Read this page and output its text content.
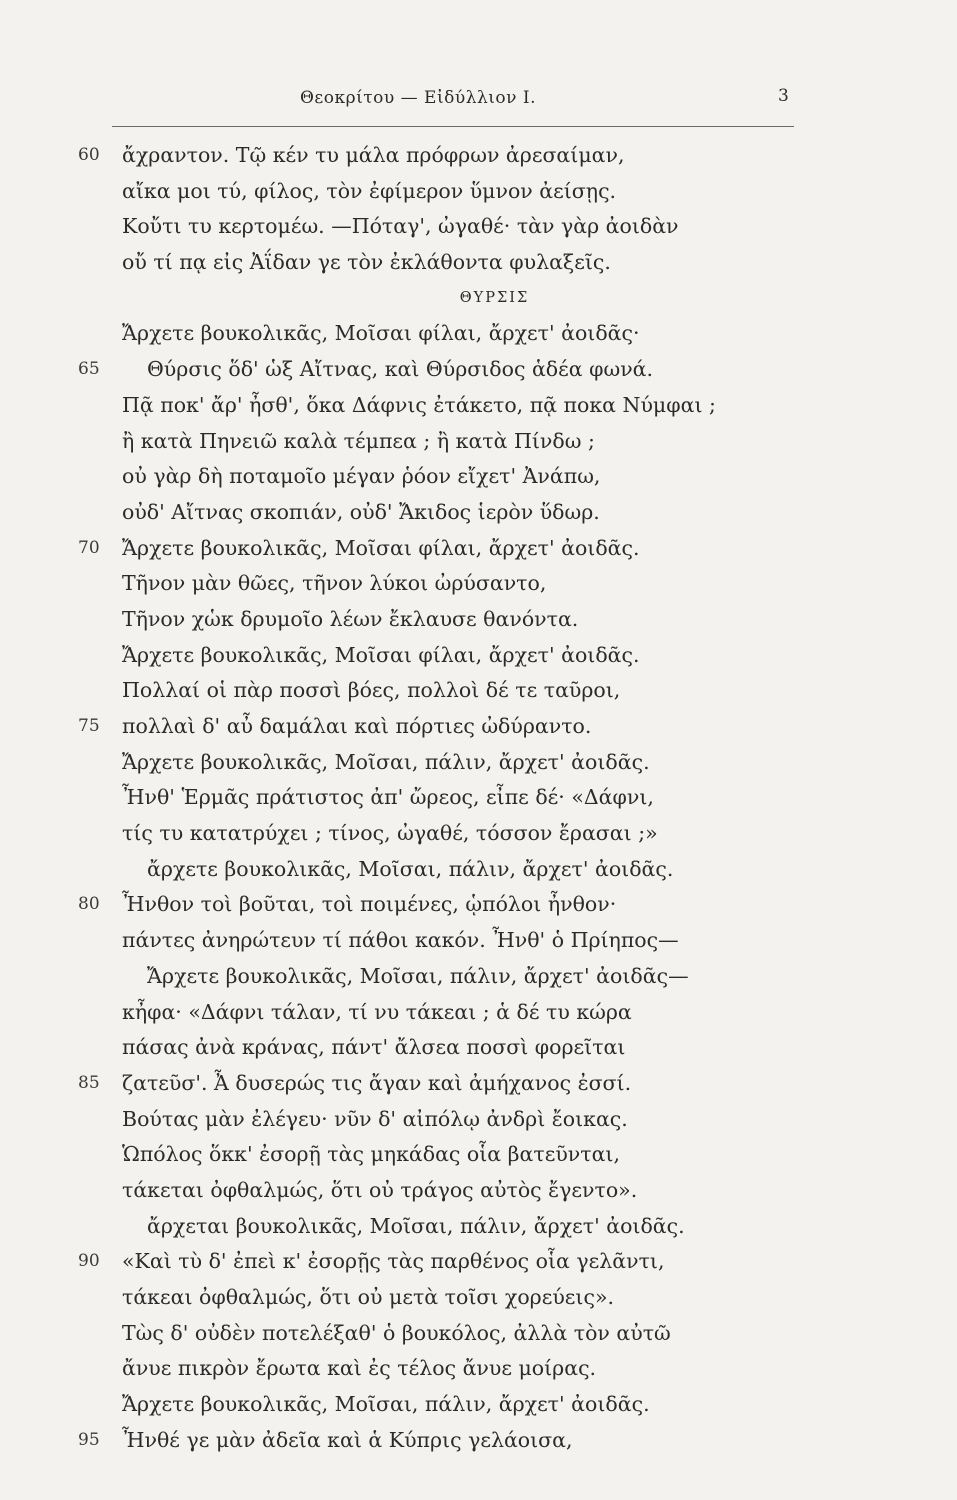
Θεοκρίτου — Εἰδύλλιον Ι.	3
60	ἄχραντον. Τῷ κέν τυ μάλα πρόφρων ἀρεσαίμαν,
αἴκα μοι τύ, φίλος, τὸν ἐφίμερον ὕμνον ἀείσῃς.
Κοὔτι τυ κερτομέω. —Πόταγ', ὠγαθέ· τὰν γὰρ ἀοιδὰν
οὔ τί πᾳ εἰς Ἀΐδαν γε τὸν ἐκλάθοντα φυλαξεῖς.
ΘΥΡΣΙΣ
Ἄρχετε βουκολικᾶς, Μοῖσαι φίλαι, ἄρχετ' ἀοιδᾶς·
65	Θύρσις ὅδ' ὡξ Αἴτνας, καὶ Θύρσιδος ἁδέα φωνά.
Πᾷ ποκ' ἄρ' ἦσθ', ὅκα Δάφνις ἐτάκετο, πᾷ ποκα Νύμφαι ;
ἢ κατὰ Πηνειῶ καλὰ τέμπεα ; ἢ κατὰ Πίνδω ;
οὐ γὰρ δὴ ποταμοῖο μέγαν ῥόον εἴχετ' Ἀνάπω,
οὐδ' Αἴτνας σκοπιάν, οὐδ' Ἄκιδος ἱερὸν ὕδωρ.
70	Ἄρχετε βουκολικᾶς, Μοῖσαι φίλαι, ἄρχετ' ἀοιδᾶς.
Τῆνον μὰν θῶες, τῆνον λύκοι ὠρύσαντο,
Τῆνον χὡκ δρυμοῖο λέων ἔκλαυσε θανόντα.
Ἄρχετε βουκολικᾶς, Μοῖσαι φίλαι, ἄρχετ' ἀοιδᾶς.
Πολλαί οἱ πὰρ ποσσὶ βόες, πολλοὶ δέ τε ταῦροι,
75	πολλαὶ δ' αὖ δαμάλαι καὶ πόρτιες ὠδύραντο.
Ἄρχετε βουκολικᾶς, Μοῖσαι, πάλιν, ἄρχετ' ἀοιδᾶς.
Ἦνθ' Ἑρμᾶς πράτιστος ἀπ' ὤρεος, εἶπε δέ· «Δάφνι,
τίς τυ κατατρύχει ; τίνος, ὠγαθέ, τόσσον ἔρασαι ;»
ἄρχετε βουκολικᾶς, Μοῖσαι, πάλιν, ἄρχετ' ἀοιδᾶς.
80	Ἦνθον τοὶ βοῦται, τοὶ ποιμένες, ᾡπόλοι ἦνθον·
πάντες ἀνηρώτευν τί πάθοι κακόν. Ἦνθ' ὁ Πρίηπος—
Ἄρχετε βουκολικᾶς, Μοῖσαι, πάλιν, ἄρχετ' ἀοιδᾶς—
κἦφα· «Δάφνι τάλαν, τί νυ τάκεαι ; ἁ δέ τυ κώρα
πάσας ἀνὰ κράνας, πάντ' ἄλσεα ποσσὶ φορεῖται
85	ζατεῦσ'. Ἆ δυσερώς τις ἄγαν καὶ ἀμήχανος ἐσσί.
Βούτας μὰν ἐλέγευ· νῦν δ' αἰπόλῳ ἀνδρὶ ἔοικας.
Ὡπόλος ὅκκ' ἐσορῇ τὰς μηκάδας οἷα βατεῦνται,
τάκεται ὀφθαλμώς, ὅτι οὐ τράγος αὐτὸς ἔγεντο».
ἄρχεται βουκολικᾶς, Μοῖσαι, πάλιν, ἄρχετ' ἀοιδᾶς.
90	«Καὶ τὺ δ' ἐπεὶ κ' ἐσορῇς τὰς παρθένος οἷα γελᾶντι,
τάκεαι ὀφθαλμώς, ὅτι οὐ μετὰ τοῖσι χορεύεις».
Τὼς δ' οὐδὲν ποτελέξαθ' ὁ βουκόλος, ἀλλὰ τὸν αὐτῶ
ἄνυε πικρὸν ἔρωτα καὶ ἐς τέλος ἄνυε μοίρας.
Ἄρχετε βουκολικᾶς, Μοῖσαι, πάλιν, ἄρχετ' ἀοιδᾶς.
95	Ἦνθέ γε μὰν ἀδεῖα καὶ ἁ Κύπρις γελάοισα,
